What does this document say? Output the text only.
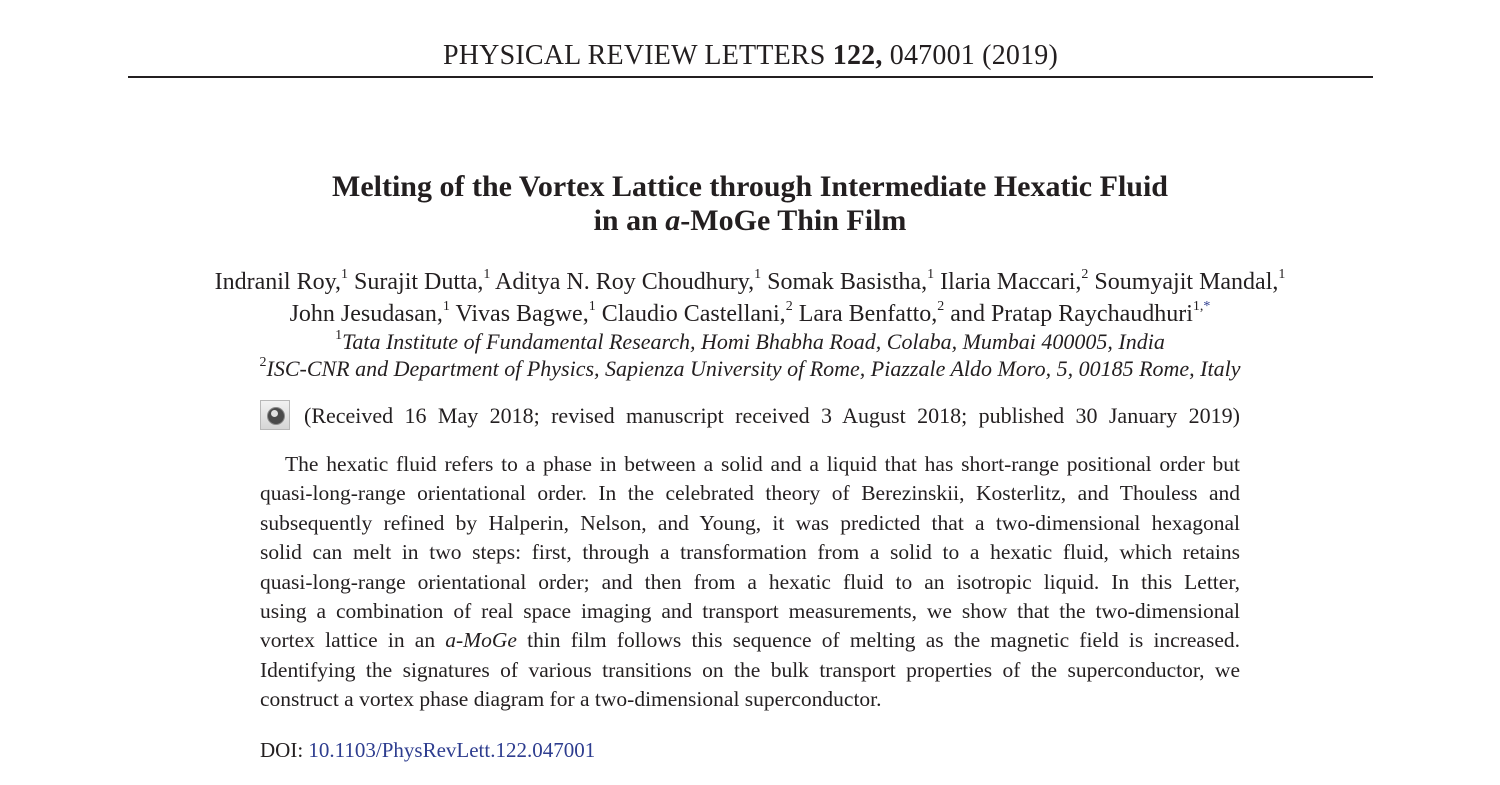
PHYSICAL REVIEW LETTERS 122, 047001 (2019)
Melting of the Vortex Lattice through Intermediate Hexatic Fluid
in an a-MoGe Thin Film
Indranil Roy,$^1$ Surajit Dutta,$^1$ Aditya N. Roy Choudhury,$^1$ Somak Basistha,$^1$ Ilaria Maccari,$^2$ Soumyajit Mandal,$^1$
John Jesudasan,$^1$ Vivas Bagwe,$^1$ Claudio Castellani,$^2$ Lara Benfatto,$^2$ and Pratap Raychaudhuri$^{1,*}$
$^1$Tata Institute of Fundamental Research, Homi Bhabha Road, Colaba, Mumbai 400005, India
$^2$ISC-CNR and Department of Physics, Sapienza University of Rome, Piazzale Aldo Moro, 5, 00185 Rome, Italy
(Received 16 May 2018; revised manuscript received 3 August 2018; published 30 January 2019)
The hexatic fluid refers to a phase in between a solid and a liquid that has short-range positional order but
quasi-long-range orientational order. In the celebrated theory of Berezinskii, Kosterlitz, and Thouless and
subsequently refined by Halperin, Nelson, and Young, it was predicted that a two-dimensional hexagonal
solid can melt in two steps: first, through a transformation from a solid to a hexatic fluid, which retains
quasi-long-range orientational order; and then from a hexatic fluid to an isotropic liquid. In this Letter,
using a combination of real space imaging and transport measurements, we show that the two-dimensional
vortex lattice in an a-MoGe thin film follows this sequence of melting as the magnetic field is increased.
Identifying the signatures of various transitions on the bulk transport properties of the superconductor, we
construct a vortex phase diagram for a two-dimensional superconductor.
DOI: 10.1103/PhysRevLett.122.047001
